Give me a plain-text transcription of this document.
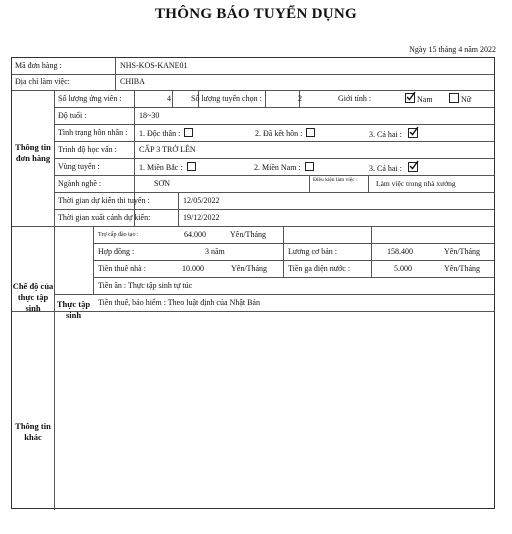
THÔNG BÁO TUYỂN DỤNG
Ngày 15 tháng 4 năm 2022
Mã đơn hàng :	NHS-KOS-KANE01
Địa chỉ làm việc:	CHIBA
Thông tin đơn hàng
Số lượng ứng viên :	4	Số lượng tuyển chọn :	2	Giới tính :	Nam	Nữ
Độ tuổi :	18~30
Tình trạng hôn nhân : 1. Độc thân :	2. Đã kết hôn :	3. Cả hai :
Trình độ học vấn :	CẤP 3 TRỞ LÊN
Vùng tuyển :	1. Miền Bắc :	2. Miền Nam :	3. Cả hai :
Ngành nghề :	SƠN	Điều kiện làm việc :	Làm việc trong nhà xưởng
Thời gian dự kiến thi tuyển :	12/05/2022
Thời gian xuất cảnh dự kiến:	19/12/2022
Chế độ của thực tập sinh	Thực tập sinh
Trợ cấp đào tạo :	64.000	Yên/Tháng
Hợp đồng :	3 năm	Lương cơ bản :	158.400	Yên/Tháng
Tiền thuê nhà :	10.000	Yên/Tháng	Tiền ga điện nước :	5.000	Yên/Tháng
Tiền ăn : Thực tập sinh tự túc
Tiền thuế, bảo hiểm : Theo luật định của Nhật Bản
Thông tin khác
